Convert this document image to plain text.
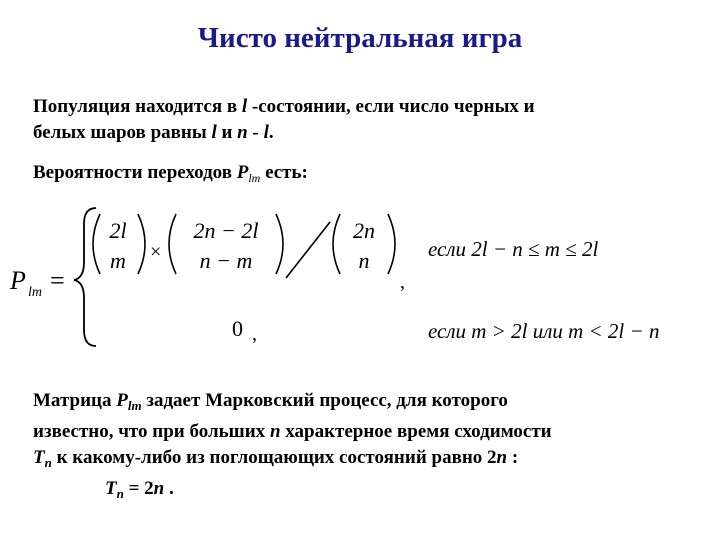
Чисто нейтральная игра
Популяция находится в l -состоянии, если число черных и
белых шаров равны l и n - l.
Вероятности переходов $P_{lm}$ есть:
P lm =
2l
m ×
2n − 2l
n − m
2n
n
,
если 2l − n ≤ m ≤ 2l
0 ,	если m > 2l или m < 2l − n
Матрица $P_{lm}$ задает Марковский процесс, для которого
известно, что при больших n характерное время сходимости
$T_n$ к какому-либо из поглощающих состояний равно 2n :
$T_n = 2n$ .
